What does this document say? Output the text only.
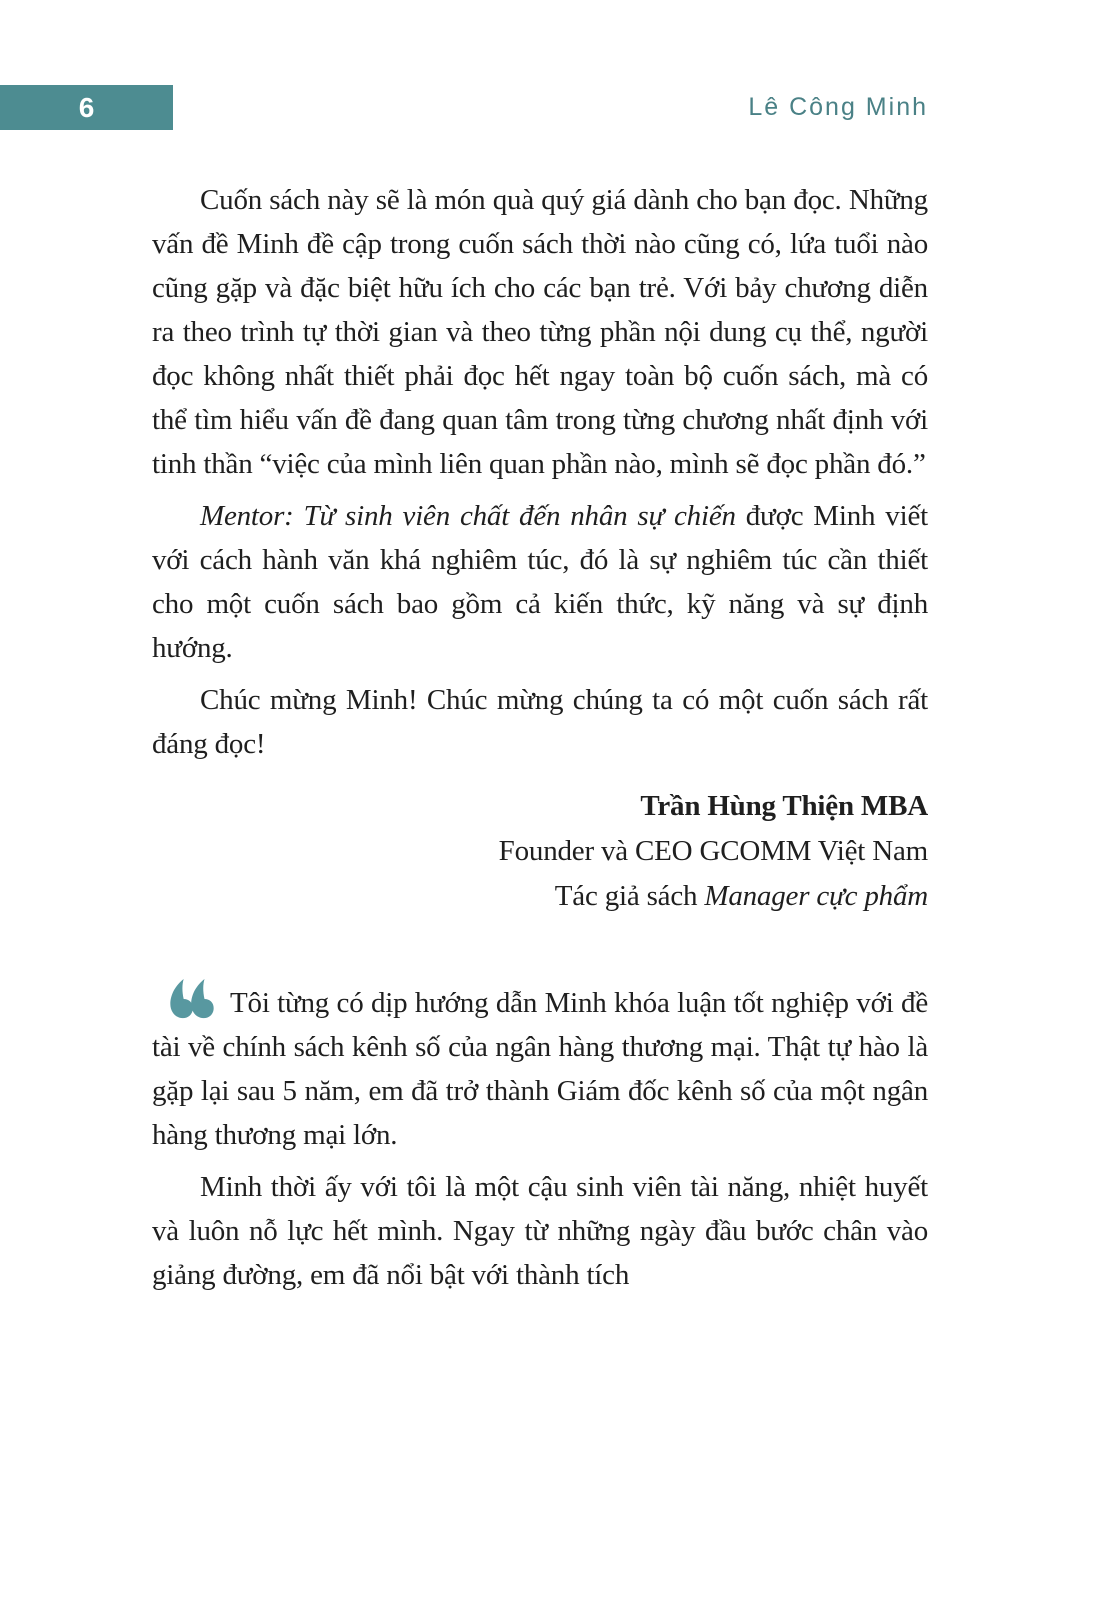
6	Lê Công Minh

Cuốn sách này sẽ là món quà quý giá dành cho bạn đọc. Những vấn đề Minh đề cập trong cuốn sách thời nào cũng có, lứa tuổi nào cũng gặp và đặc biệt hữu ích cho các bạn trẻ. Với bảy chương diễn ra theo trình tự thời gian và theo từng phần nội dung cụ thể, người đọc không nhất thiết phải đọc hết ngay toàn bộ cuốn sách, mà có thể tìm hiểu vấn đề đang quan tâm trong từng chương nhất định với tinh thần “việc của mình liên quan phần nào, mình sẽ đọc phần đó.”

Mentor: Từ sinh viên chất đến nhân sự chiến được Minh viết với cách hành văn khá nghiêm túc, đó là sự nghiêm túc cần thiết cho một cuốn sách bao gồm cả kiến thức, kỹ năng và sự định hướng.

Chúc mừng Minh! Chúc mừng chúng ta có một cuốn sách rất đáng đọc!

Trần Hùng Thiện MBA

Founder và CEO GCOMM Việt Nam

Tác giả sách Manager cực phẩm

Tôi từng có dịp hướng dẫn Minh khóa luận tốt nghiệp với đề tài về chính sách kênh số của ngân hàng thương mại. Thật tự hào là gặp lại sau 5 năm, em đã trở thành Giám đốc kênh số của một ngân hàng thương mại lớn.

Minh thời ấy với tôi là một cậu sinh viên tài năng, nhiệt huyết và luôn nỗ lực hết mình. Ngay từ những ngày đầu bước chân vào giảng đường, em đã nổi bật với thành tích
